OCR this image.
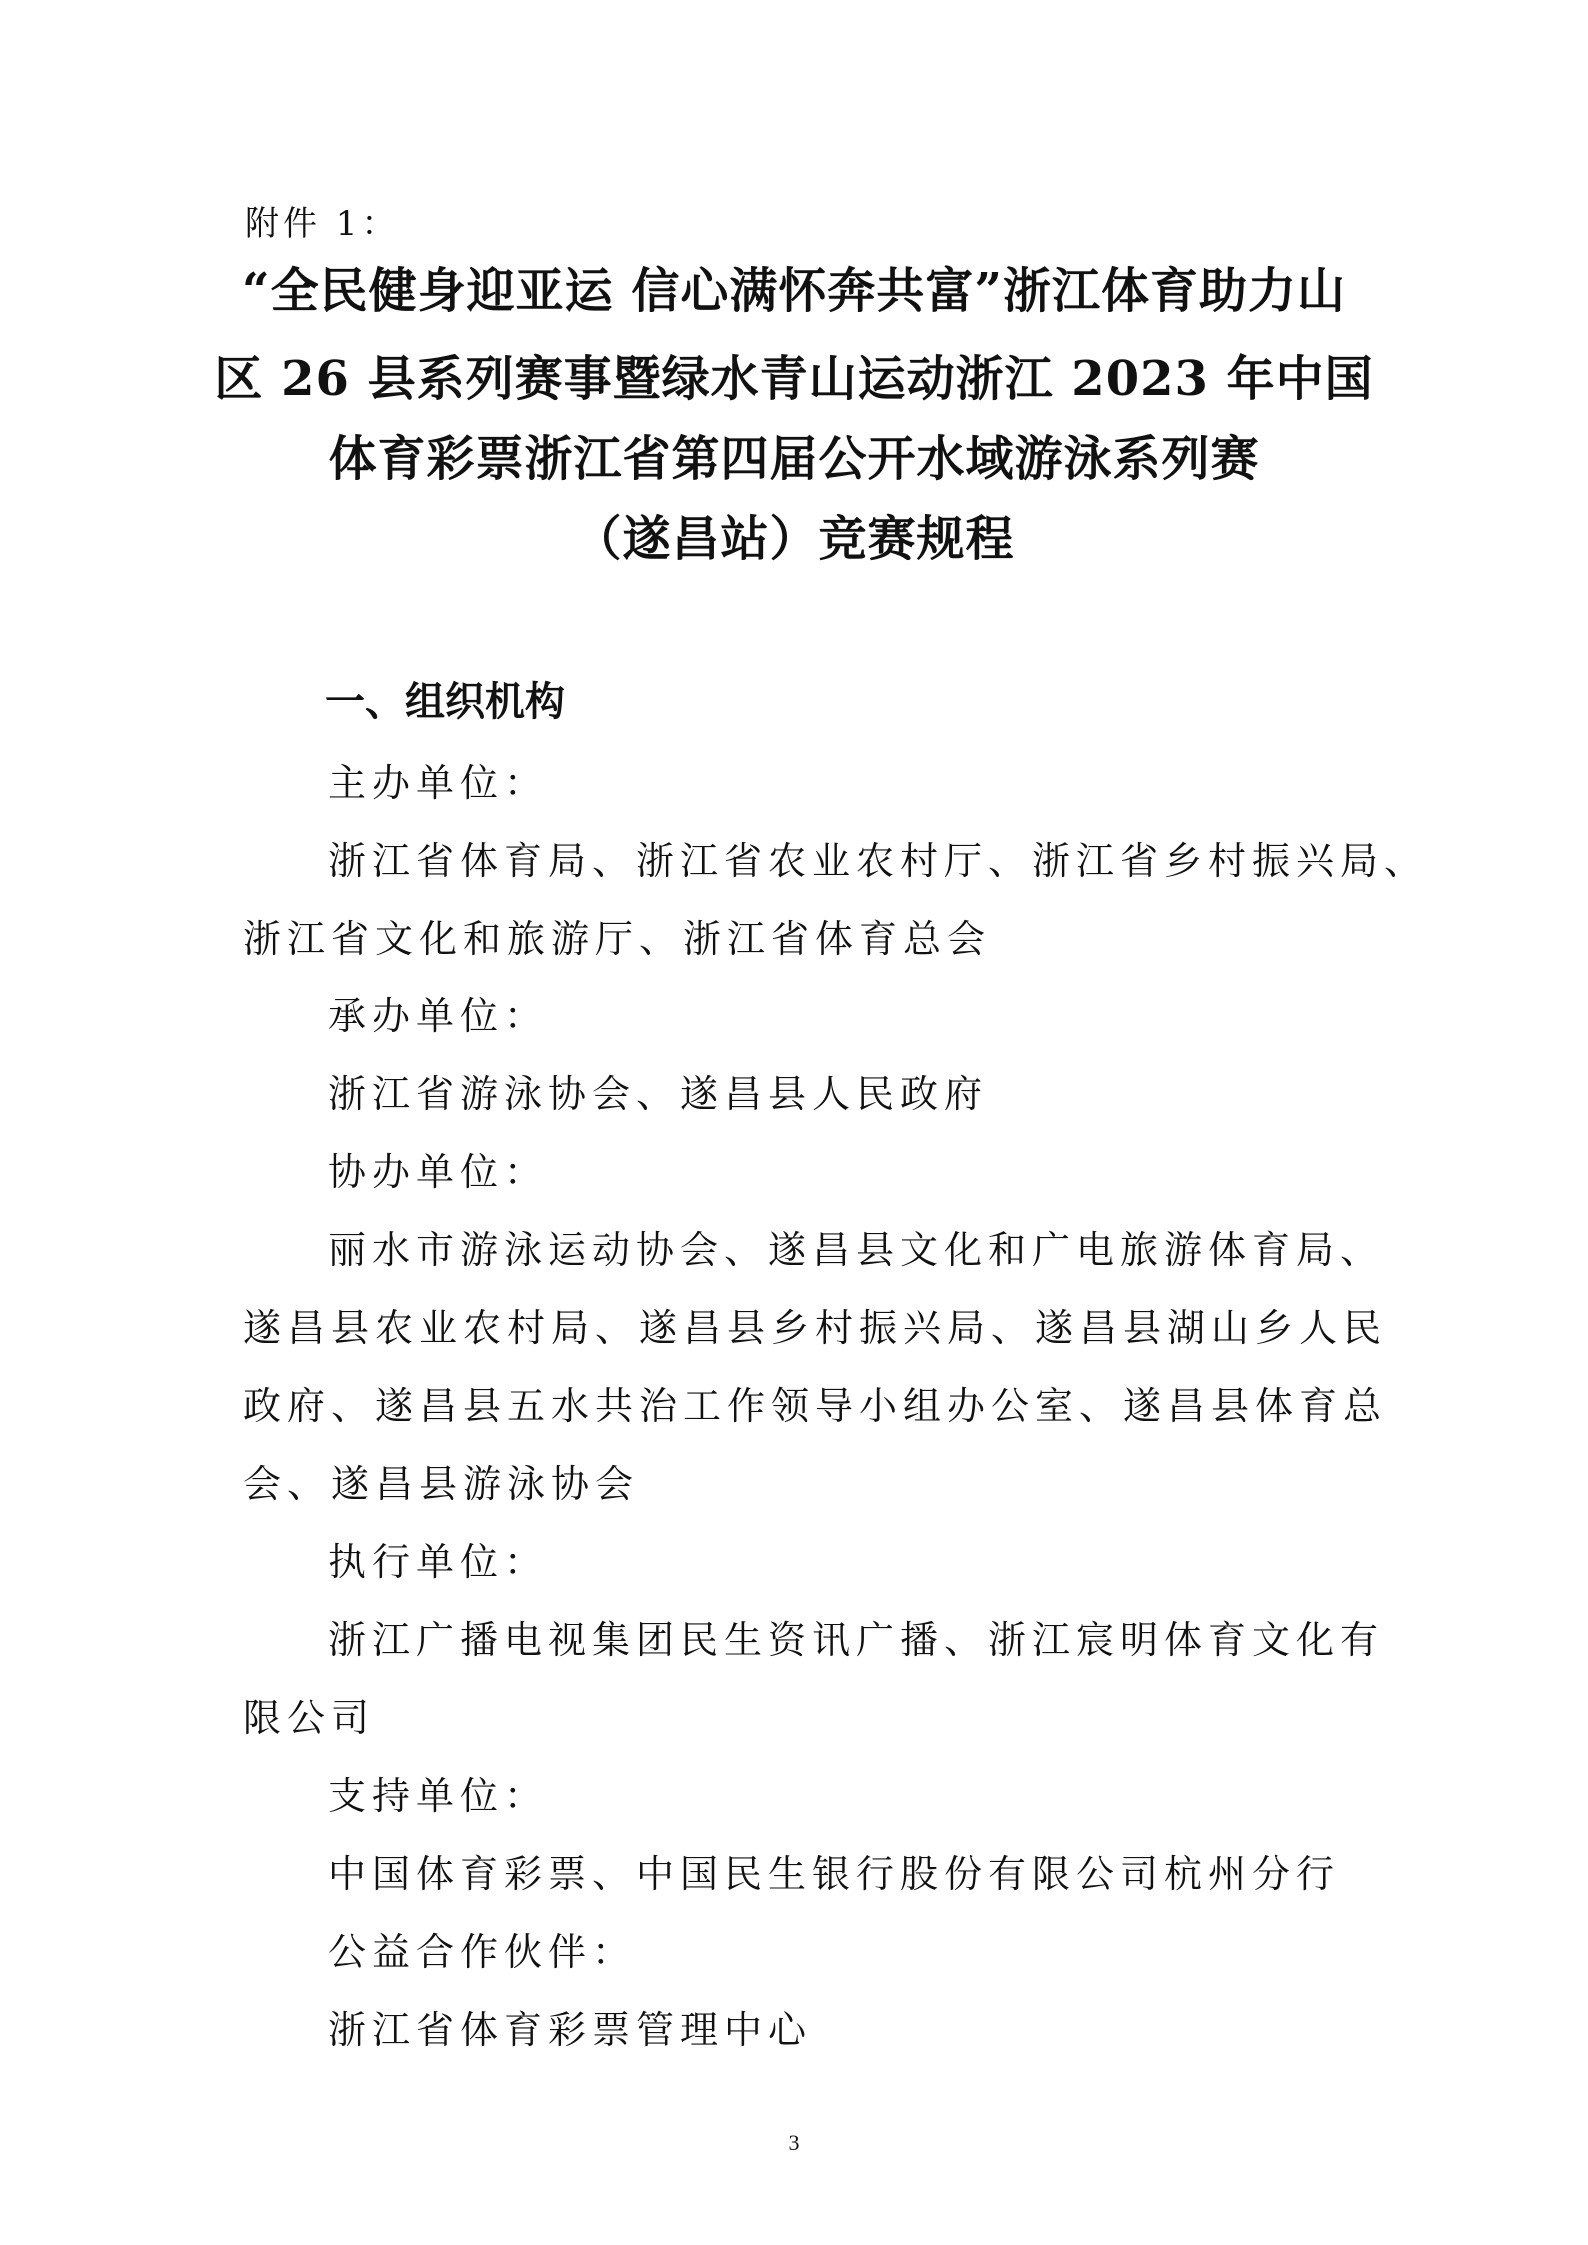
附件 1：
“全民健身迎亚运 信心满怀奔共富”浙江体育助力山
区 26 县系列赛事暨绿水青山运动浙江 2023 年中国
体育彩票浙江省第四届公开水域游泳系列赛
（遂昌站）竞赛规程
一、组织机构
主办单位：
浙江省体育局、浙江省农业农村厅、浙江省乡村振兴局、
浙江省文化和旅游厅、浙江省体育总会
承办单位：
浙江省游泳协会、遂昌县人民政府
协办单位：
丽水市游泳运动协会、遂昌县文化和广电旅游体育局、
遂昌县农业农村局、遂昌县乡村振兴局、遂昌县湖山乡人民
政府、遂昌县五水共治工作领导小组办公室、遂昌县体育总
会、遂昌县游泳协会
执行单位：
浙江广播电视集团民生资讯广播、浙江宸明体育文化有
限公司
支持单位：
中国体育彩票、中国民生银行股份有限公司杭州分行
公益合作伙伴：
浙江省体育彩票管理中心
3
